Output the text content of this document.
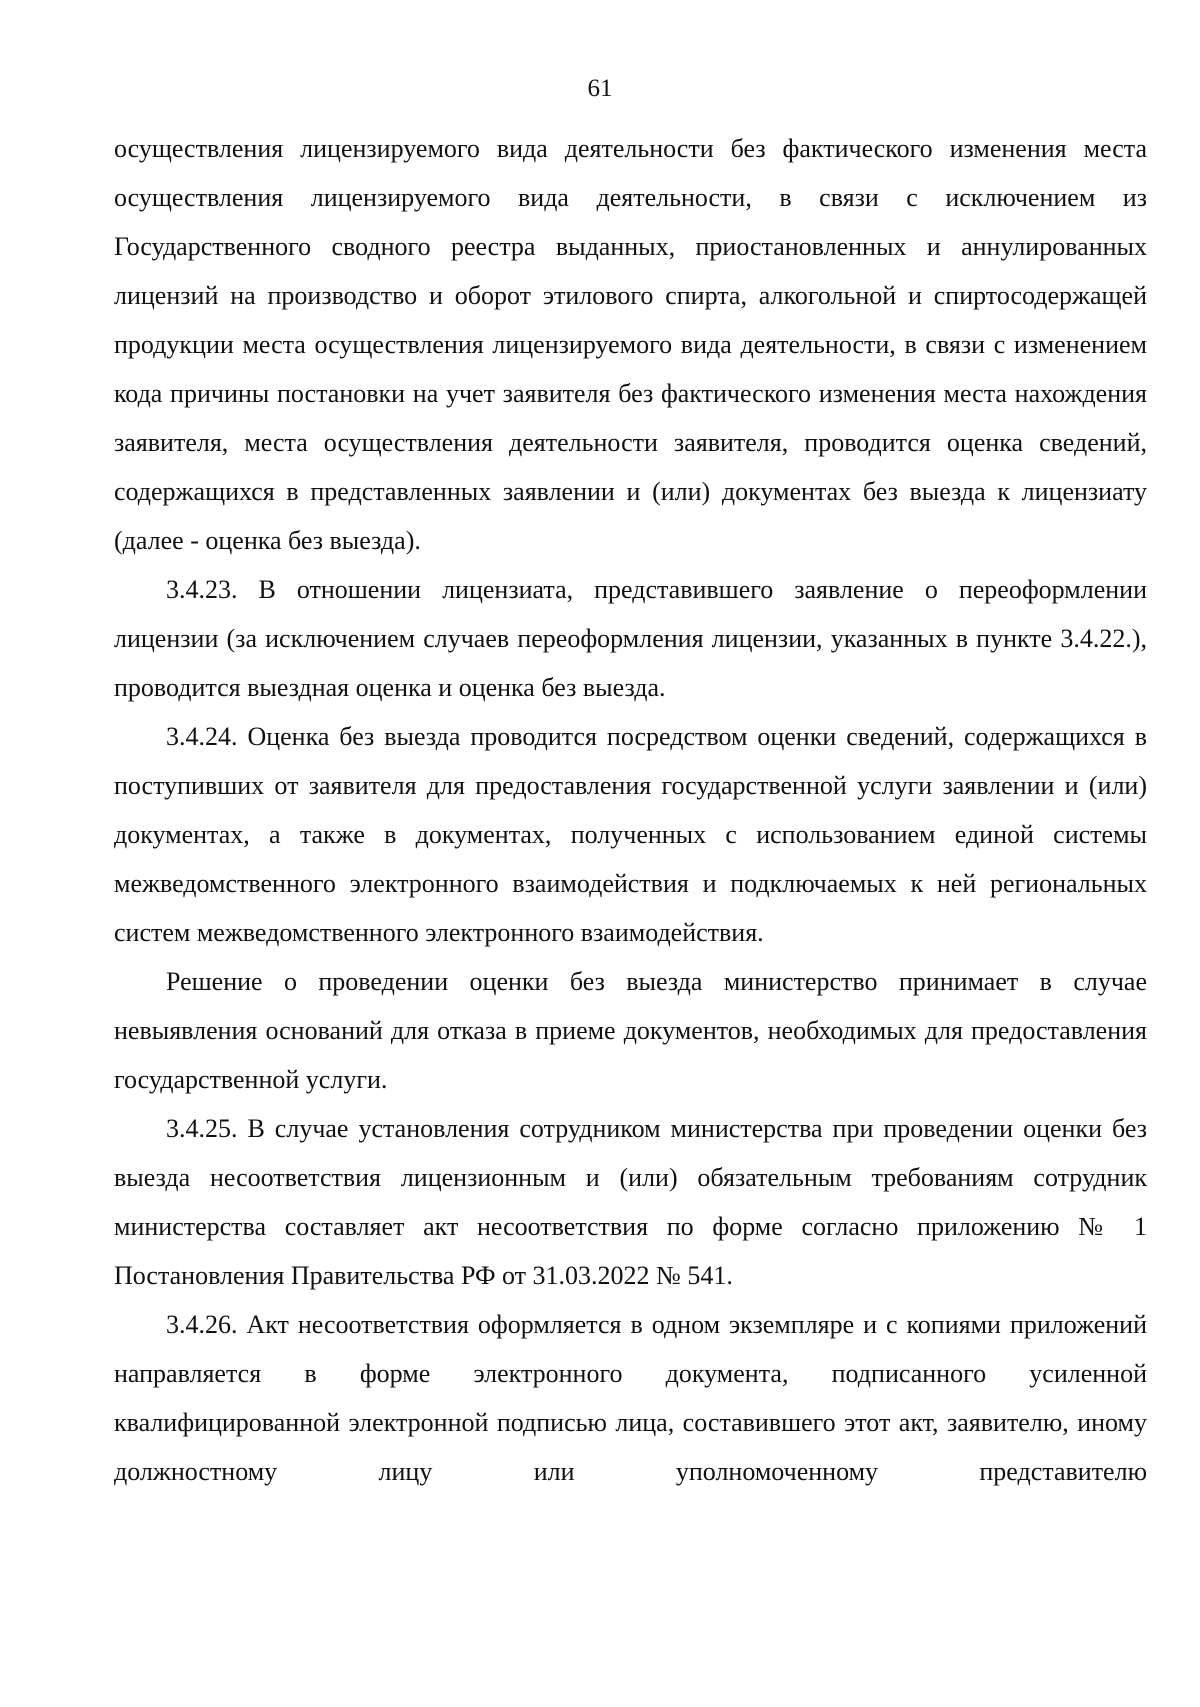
61

осуществления лицензируемого вида деятельности без фактического изменения места осуществления лицензируемого вида деятельности, в связи с исключением из Государственного сводного реестра выданных, приостановленных и аннулированных лицензий на производство и оборот этилового спирта, алкогольной и спиртосодержащей продукции места осуществления лицензируемого вида деятельности, в связи с изменением кода причины постановки на учет заявителя без фактического изменения места нахождения заявителя, места осуществления деятельности заявителя, проводится оценка сведений, содержащихся в представленных заявлении и (или) документах без выезда к лицензиату (далее - оценка без выезда).

3.4.23. В отношении лицензиата, представившего заявление о переоформлении лицензии (за исключением случаев переоформления лицензии, указанных в пункте 3.4.22.), проводится выездная оценка и оценка без выезда.

3.4.24. Оценка без выезда проводится посредством оценки сведений, содержащихся в поступивших от заявителя для предоставления государственной услуги заявлении и (или) документах, а также в документах, полученных с использованием единой системы межведомственного электронного взаимодействия и подключаемых к ней региональных систем межведомственного электронного взаимодействия.

Решение о проведении оценки без выезда министерство принимает в случае невыявления оснований для отказа в приеме документов, необходимых для предоставления государственной услуги.

3.4.25. В случае установления сотрудником министерства при проведении оценки без выезда несоответствия лицензионным и (или) обязательным требованиям сотрудник министерства составляет акт несоответствия по форме согласно приложению № 1 Постановления Правительства РФ от 31.03.2022 № 541.

3.4.26. Акт несоответствия оформляется в одном экземпляре и с копиями приложений направляется в форме электронного документа, подписанного усиленной квалифицированной электронной подписью лица, составившего этот акт, заявителю, иному должностному лицу или уполномоченному представителю
